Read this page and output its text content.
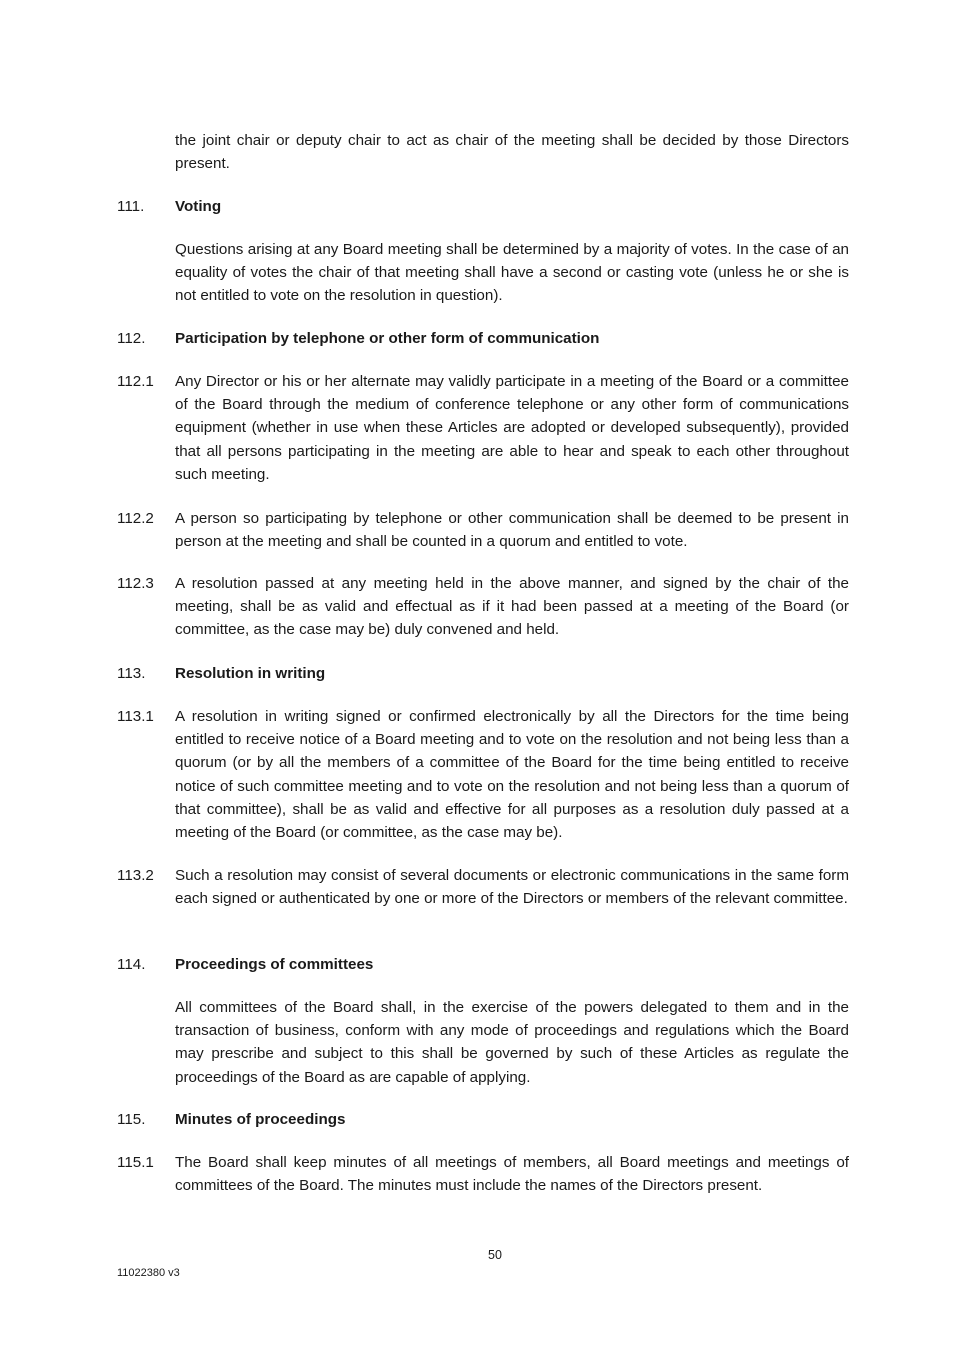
the joint chair or deputy chair to act as chair of the meeting shall be decided by those Directors present.
111. Voting
Questions arising at any Board meeting shall be determined by a majority of votes. In the case of an equality of votes the chair of that meeting shall have a second or casting vote (unless he or she is not entitled to vote on the resolution in question).
112. Participation by telephone or other form of communication
112.1 Any Director or his or her alternate may validly participate in a meeting of the Board or a committee of the Board through the medium of conference telephone or any other form of communications equipment (whether in use when these Articles are adopted or developed subsequently), provided that all persons participating in the meeting are able to hear and speak to each other throughout such meeting.
112.2 A person so participating by telephone or other communication shall be deemed to be present in person at the meeting and shall be counted in a quorum and entitled to vote.
112.3 A resolution passed at any meeting held in the above manner, and signed by the chair of the meeting, shall be as valid and effectual as if it had been passed at a meeting of the Board (or committee, as the case may be) duly convened and held.
113. Resolution in writing
113.1 A resolution in writing signed or confirmed electronically by all the Directors for the time being entitled to receive notice of a Board meeting and to vote on the resolution and not being less than a quorum (or by all the members of a committee of the Board for the time being entitled to receive notice of such committee meeting and to vote on the resolution and not being less than a quorum of that committee), shall be as valid and effective for all purposes as a resolution duly passed at a meeting of the Board (or committee, as the case may be).
113.2 Such a resolution may consist of several documents or electronic communications in the same form each signed or authenticated by one or more of the Directors or members of the relevant committee.
114. Proceedings of committees
All committees of the Board shall, in the exercise of the powers delegated to them and in the transaction of business, conform with any mode of proceedings and regulations which the Board may prescribe and subject to this shall be governed by such of these Articles as regulate the proceedings of the Board as are capable of applying.
115. Minutes of proceedings
115.1 The Board shall keep minutes of all meetings of members, all Board meetings and meetings of committees of the Board. The minutes must include the names of the Directors present.
50
11022380 v3
